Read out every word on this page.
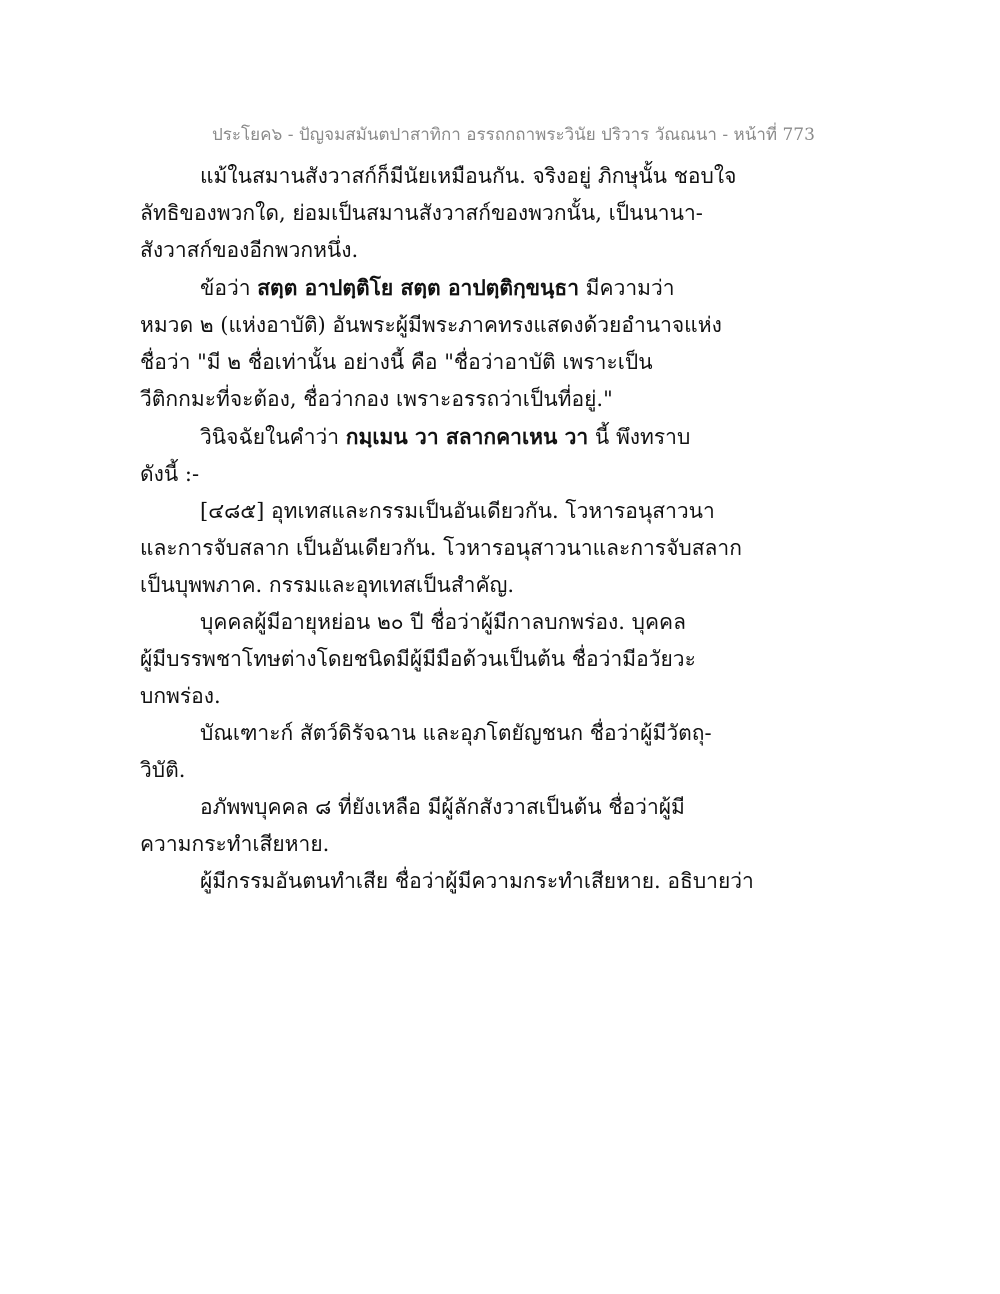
ประโยค๖ - ปัญจมสมันตปาสาทิกา อรรถกถาพระวินัย ปริวาร วัณณนา - หน้าที่ 773
แม้ในสมานสังวาสก์ก็มีนัยเหมือนกัน. จริงอยู่ ภิกษุนั้น ชอบใจ
ลัทธิของพวกใด, ย่อมเป็นสมานสังวาสก์ของพวกนั้น, เป็นนานา-
สังวาสก์ของอีกพวกหนึ่ง.
ข้อว่า สตฺต อาปตฺติโย สตฺต อาปตฺติกฺขนฺธา มีความว่า
หมวด ๒ (แห่งอาบัติ) อันพระผู้มีพระภาคทรงแสดงด้วยอำนาจแห่ง
ชื่อว่า "มี ๒ ชื่อเท่านั้น อย่างนี้ คือ "ชื่อว่าอาบัติ เพราะเป็น
วีติกกมะที่จะต้อง, ชื่อว่ากอง เพราะอรรถว่าเป็นที่อยู่."
วินิจฉัยในคำว่า กมฺเมน วา สลากคาเหน วา นี้ พึงทราบ
ดังนี้ :-
[๔๘๕] อุทเทสและกรรมเป็นอันเดียวกัน. โวหารอนุสาวนา
และการจับสลาก เป็นอันเดียวกัน. โวหารอนุสาวนาและการจับสลาก
เป็นบุพพภาค. กรรมและอุทเทสเป็นสำคัญ.
บุคคลผู้มีอายุหย่อน ๒๐ ปี ชื่อว่าผู้มีกาลบกพร่อง. บุคคล
ผู้มีบรรพชาโทษต่างโดยชนิดมีผู้มีมือด้วนเป็นต้น ชื่อว่ามีอวัยวะ
บกพร่อง.
บัณเฑาะก์ สัตว์ดิรัจฉาน และอุภโตยัญชนก ชื่อว่าผู้มีวัตถุ-
วิบัติ.
อภัพพบุคคล ๘ ที่ยังเหลือ มีผู้ลักสังวาสเป็นต้น ชื่อว่าผู้มี
ความกระทำเสียหาย.
ผู้มีกรรมอันตนทำเสีย ชื่อว่าผู้มีความกระทำเสียหาย. อธิบายว่า
